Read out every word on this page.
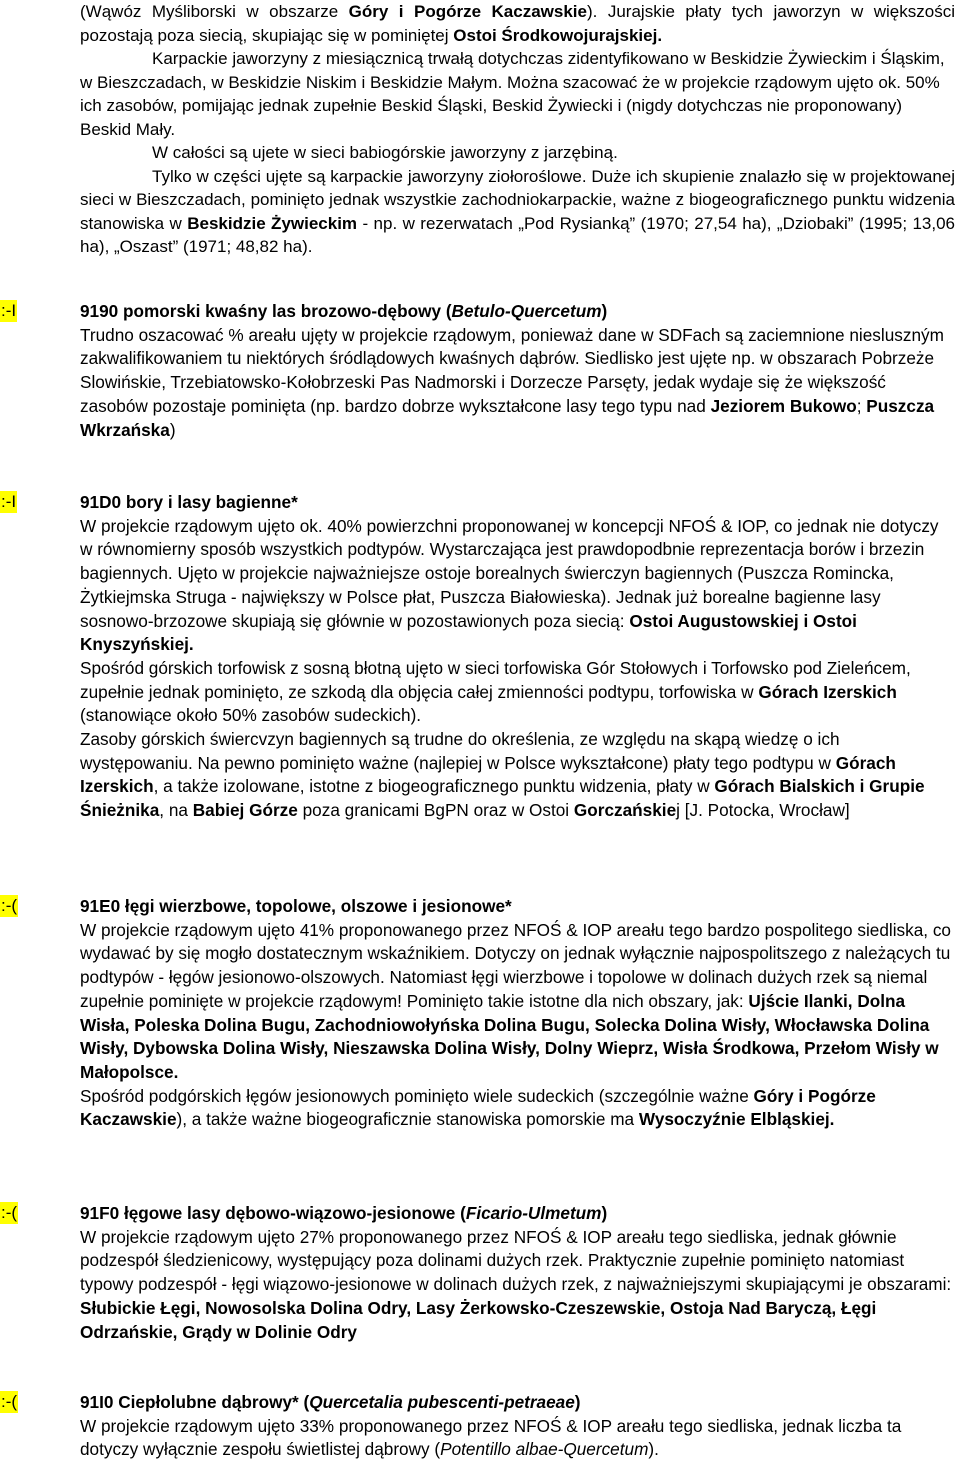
(Wąwóz Myśliborski w obszarze Góry i Pogórze Kaczawskie). Jurajskie płaty tych jaworzyn w większości pozostają poza siecią, skupiając się w pominiętej Ostoi Środkowojurajskiej.

Karpackie jaworzyny z miesiącznicą trwałą dotychczas zidentyfikowano w Beskidzie Żywieckim i Śląskim, w Bieszczadach, w Beskidzie Niskim i Beskidzie Małym. Można szacować że w projekcie rządowym ujęto ok. 50% ich zasobów, pomijając jednak zupełnie Beskid Śląski, Beskid Żywiecki i (nigdy dotychczas nie proponowany) Beskid Mały.

W całości są ujete w sieci babiogórskie jaworzyny z jarzębiną.

Tylko w części ujęte są karpackie jaworzyny ziołoroślowe. Duże ich skupienie znalazło się w projektowanej sieci w Bieszczadach, pominięto jednak wszystkie zachodniokarpackie, ważne z biogeograficznego punktu widzenia stanowiska w Beskidzie Żywieckim - np. w rezerwatach „Pod Rysianką” (1970; 27,54 ha), „Dziobaki” (1995; 13,06 ha), „Oszast” (1971; 48,82 ha).

:-I	9190 pomorski kwaśny las brozowo-dębowy (Betulo-Quercetum)

Trudno oszacować % areału ujęty w projekcie rządowym, ponieważ dane w SDFach są zaciemnione niesluszným zakwalifikowaniem tu niektórych śródlądowych kwaśnych dąbrów. Siedlisko jest ujęte np. w obszarach Pobrzeże Slowińskie, Trzebiatowsko-Kołobrzeski Pas Nadmorski i Dorzecze Parsęty, jedak wydaje się że większość zasobów pozostaje pominięta (np. bardzo dobrze wykształcone lasy tego typu nad Jeziorem Bukowo; Puszcza Wkrzańska)

:-I	91D0 bory i lasy bagienne*

W projekcie rządowym ujęto ok. 40% powierzchni proponowanej w koncepcji NFOŚ & IOP, co jednak nie dotyczy w równomierny sposób wszystkich podtypów. Wystarczająca jest prawdopodbnie reprezentacja borów i brzezin bagiennych. Ujęto w projekcie najważniejsze ostoje borealnych świerczyn bagiennych (Puszcza Romincka, Żytkiejmska Struga - największy w Polsce płat, Puszcza Białowieska). Jednak już borealne bagienne lasy sosnowo-brzozowe skupiają się głównie w pozostawionych poza siecią: Ostoi Augustowskiej i Ostoi Knyszyńskiej.

Spośród górskich torfowisk z sosną błotną ujęto w sieci torfowiska Gór Stołowych i Torfowsko pod Zieleńcem, zupełnie jednak pominięto, ze szkodą dla objęcia całej zmienności podtypu, torfowiska w Górach Izerskich (stanowiące około 50% zasobów sudeckich).

Zasoby górskich świercvzyn bagiennych są trudne do określenia, ze względu na skąpą wiedzę o ich występowaniu. Na pewno pominięto ważne (najlepiej w Polsce wykształcone) płaty tego podtypu w Górach Izerskich, a także izolowane, istotne z biogeograficznego punktu widzenia, płaty w Górach Bialskich i Grupie Śnieżnika, na Babiej Górze poza granicami BgPN oraz w Ostoi Gorczańskiej [J. Potocka, Wrocław]

:-(	91E0 łęgi wierzbowe, topolowe, olszowe i jesionowe*

W projekcie rządowym ujęto 41% proponowanego przez NFOŚ & IOP areału tego bardzo pospolitego siedliska, co wydawać by się mogło dostatecznym wskaźnikiem. Dotyczy on jednak wyłącznie najpospolitszego z należących tu podtypów - łęgów jesionowo-olszowych. Natomiast łęgi wierzbowe i topolowe w dolinach dużych rzek są niemal zupełnie pominięte w projekcie rządowym! Pominięto takie istotne dla nich obszary, jak: Ujście Ilanki, Dolna Wisła, Poleska Dolina Bugu, Zachodniowołyńska Dolina Bugu, Solecka Dolina Wisły, Włocławska Dolina Wisły, Dybowska Dolina Wisły, Nieszawska Dolina Wisły, Dolny Wieprz, Wisła Środkowa, Przełom Wisły w Małopolsce.

Spośród podgórskich łęgów jesionowych pominięto wiele sudeckich (szczególnie ważne Góry i Pogórze Kaczawskie), a także ważne biogeograficznie stanowiska pomorskie ma Wysoczyźnie Elbląskiej.

:-(	91F0 łęgowe lasy dębowo-wiązowo-jesionowe (Ficario-Ulmetum)

W projekcie rządowym ujęto 27% proponowanego przez NFOŚ & IOP areału tego siedliska, jednak głównie podzespół śledzienicowy, występujący poza dolinami dużych rzek. Praktycznie zupełnie pominięto natomiast typowy podzespół - łęgi wiązowo-jesionowe w dolinach dużych rzek, z najważniejszymi skupiającymi je obszarami: Słubickie Łęgi, Nowosolska Dolina Odry, Lasy Żerkowsko-Czeszewskie, Ostoja Nad Baryczą, Łęgi Odrzańskie, Grądy w Dolinie Odry

:-(	91I0 Ciepłolubne dąbrowy* (Quercetalia pubescenti-petraeae)

W projekcie rządowym ujęto 33% proponowanego przez NFOŚ & IOP areału tego siedliska, jednak liczba ta dotyczy wyłącznie zespołu świetlistej dąbrowy (Potentillo albae-Quercetum).
